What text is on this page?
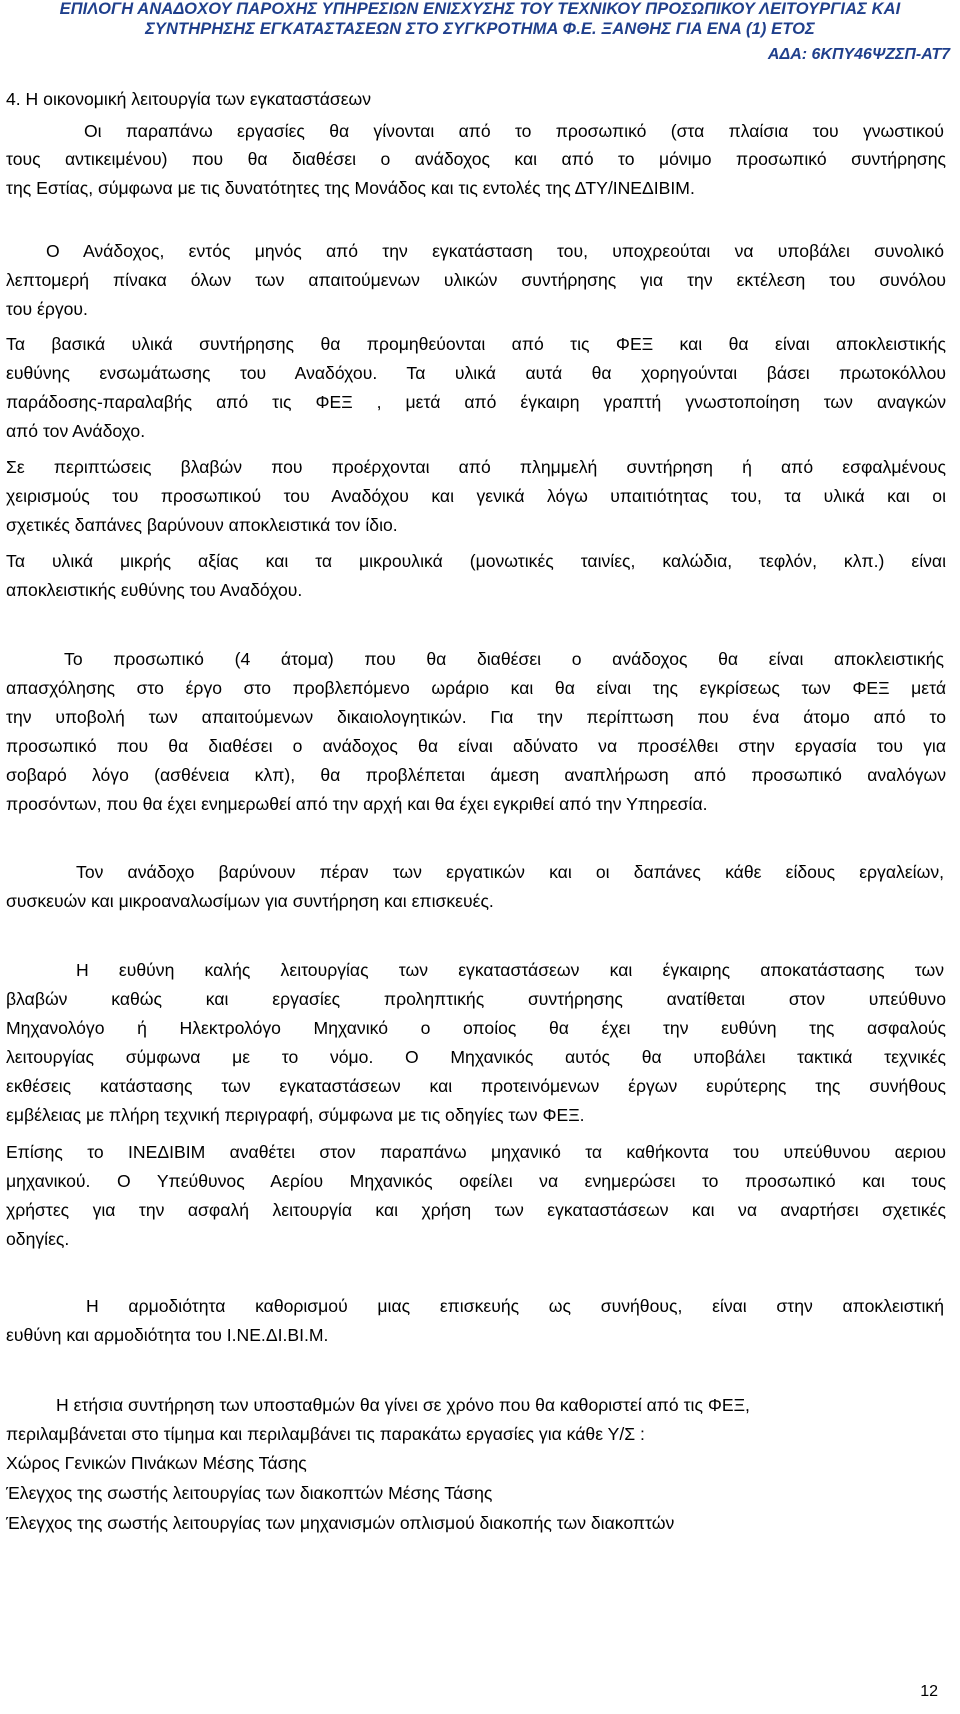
ΕΠΙΛΟΓΗ ΑΝΑΔΟΧΟΥ ΠΑΡΟΧΗΣ ΥΠΗΡΕΣΙΩΝ ΕΝΙΣΧΥΣΗΣ ΤΟΥ ΤΕΧΝΙΚΟΥ ΠΡΟΣΩΠΙΚΟΥ ΛΕΙΤΟΥΡΓΙΑΣ ΚΑΙ
ΣΥΝΤΗΡΗΣΗΣ ΕΓΚΑΤΑΣΤΑΣΕΩΝ ΣΤΟ ΣΥΓΚΡΟΤΗΜΑ Φ.Ε. ΞΑΝΘΗΣ ΓΙΑ ΕΝΑ (1) ΕΤΟΣ
ΑΔΑ: 6ΚΠΥ46ΨΖΣΠ-ΑΤ7
4. Η οικονομική λειτουργία των εγκαταστάσεων
Οι παραπάνω εργασίες θα γίνονται από το προσωπικό (στα πλαίσια του γνωστικού
τους αντικειμένου) που θα διαθέσει ο ανάδοχος και από το μόνιμο προσωπικό συντήρησης
της Εστίας, σύμφωνα με τις δυνατότητες της Μονάδος και τις εντολές της ΔΤΥ/ΙΝΕΔΙΒΙΜ.
Ο Ανάδοχος, εντός μηνός από την εγκατάσταση του, υποχρεούται να υποβάλει συνολικό
λεπτομερή πίνακα όλων των απαιτούμενων υλικών συντήρησης για την εκτέλεση του συνόλου
του έργου.
Τα βασικά υλικά συντήρησης θα προμηθεύονται από τις ΦΕΞ και θα είναι αποκλειστικής
ευθύνης ενσωμάτωσης του Αναδόχου. Τα υλικά αυτά θα χορηγούνται βάσει πρωτοκόλλου
παράδοσης-παραλαβής από τις ΦΕΞ , μετά από έγκαιρη γραπτή γνωστοποίηση των αναγκών
από τον Ανάδοχο.
Σε περιπτώσεις βλαβών που προέρχονται από πλημμελή συντήρηση ή από εσφαλμένους
χειρισμούς του προσωπικού του Αναδόχου και γενικά λόγω υπαιτιότητας του, τα υλικά και οι
σχετικές δαπάνες βαρύνουν αποκλειστικά τον ίδιο.
Τα υλικά μικρής αξίας και τα μικρουλικά (μονωτικές ταινίες, καλώδια, τεφλόν, κλπ.) είναι
αποκλειστικής ευθύνης του Αναδόχου.
Το προσωπικό (4 άτομα) που θα διαθέσει ο ανάδοχος θα είναι αποκλειστικής
απασχόλησης στο έργο στο προβλεπόμενο ωράριο και θα είναι της εγκρίσεως των ΦΕΞ μετά
την υποβολή των απαιτούμενων δικαιολογητικών. Για την περίπτωση που ένα άτομο από το
προσωπικό που θα διαθέσει ο ανάδοχος θα είναι αδύνατο να προσέλθει στην εργασία του για
σοβαρό λόγο (ασθένεια κλπ), θα προβλέπεται άμεση αναπλήρωση από προσωπικό αναλόγων
προσόντων, που θα έχει ενημερωθεί από την αρχή και θα έχει εγκριθεί από την Υπηρεσία.
Τον ανάδοχο βαρύνουν πέραν των εργατικών και οι δαπάνες κάθε είδους εργαλείων,
συσκευών και μικροαναλωσίμων για συντήρηση και επισκευές.
Η ευθύνη καλής λειτουργίας των εγκαταστάσεων και έγκαιρης αποκατάστασης των
βλαβών καθώς και εργασίες προληπτικής συντήρησης ανατίθεται στον υπεύθυνο
Μηχανολόγο ή Ηλεκτρολόγο Μηχανικό ο οποίος θα έχει την ευθύνη της ασφαλούς
λειτουργίας σύμφωνα με το νόμο. Ο Μηχανικός αυτός θα υποβάλει τακτικά τεχνικές
εκθέσεις κατάστασης των εγκαταστάσεων και προτεινόμενων έργων ευρύτερης της συνήθους
εμβέλειας με πλήρη τεχνική περιγραφή, σύμφωνα με τις οδηγίες των ΦΕΞ.
Επίσης το ΙΝΕΔΙΒΙΜ αναθέτει στον παραπάνω μηχανικό τα καθήκοντα του υπεύθυνου αεριου
μηχανικού. Ο Υπεύθυνος Αερίου Μηχανικός οφείλει να ενημερώσει το προσωπικό και τους
χρήστες για την ασφαλή λειτουργία και χρήση των εγκαταστάσεων και να αναρτήσει σχετικές
οδηγίες.
Η αρμοδιότητα καθορισμού μιας επισκευής ως συνήθους, είναι στην αποκλειστική
ευθύνη και αρμοδιότητα του Ι.ΝΕ.ΔΙ.ΒΙ.Μ.
Η ετήσια συντήρηση των υποσταθμών θα γίνει σε χρόνο που θα καθοριστεί από τις ΦΕΞ,
περιλαμβάνεται στο τίμημα και περιλαμβάνει τις παρακάτω εργασίες για κάθε Υ/Σ :
Χώρος Γενικών Πινάκων Μέσης Τάσης
Έλεγχος της σωστής λειτουργίας των διακοπτών Μέσης Τάσης
Έλεγχος της σωστής λειτουργίας των μηχανισμών οπλισμού διακοπής των διακοπτών
12
